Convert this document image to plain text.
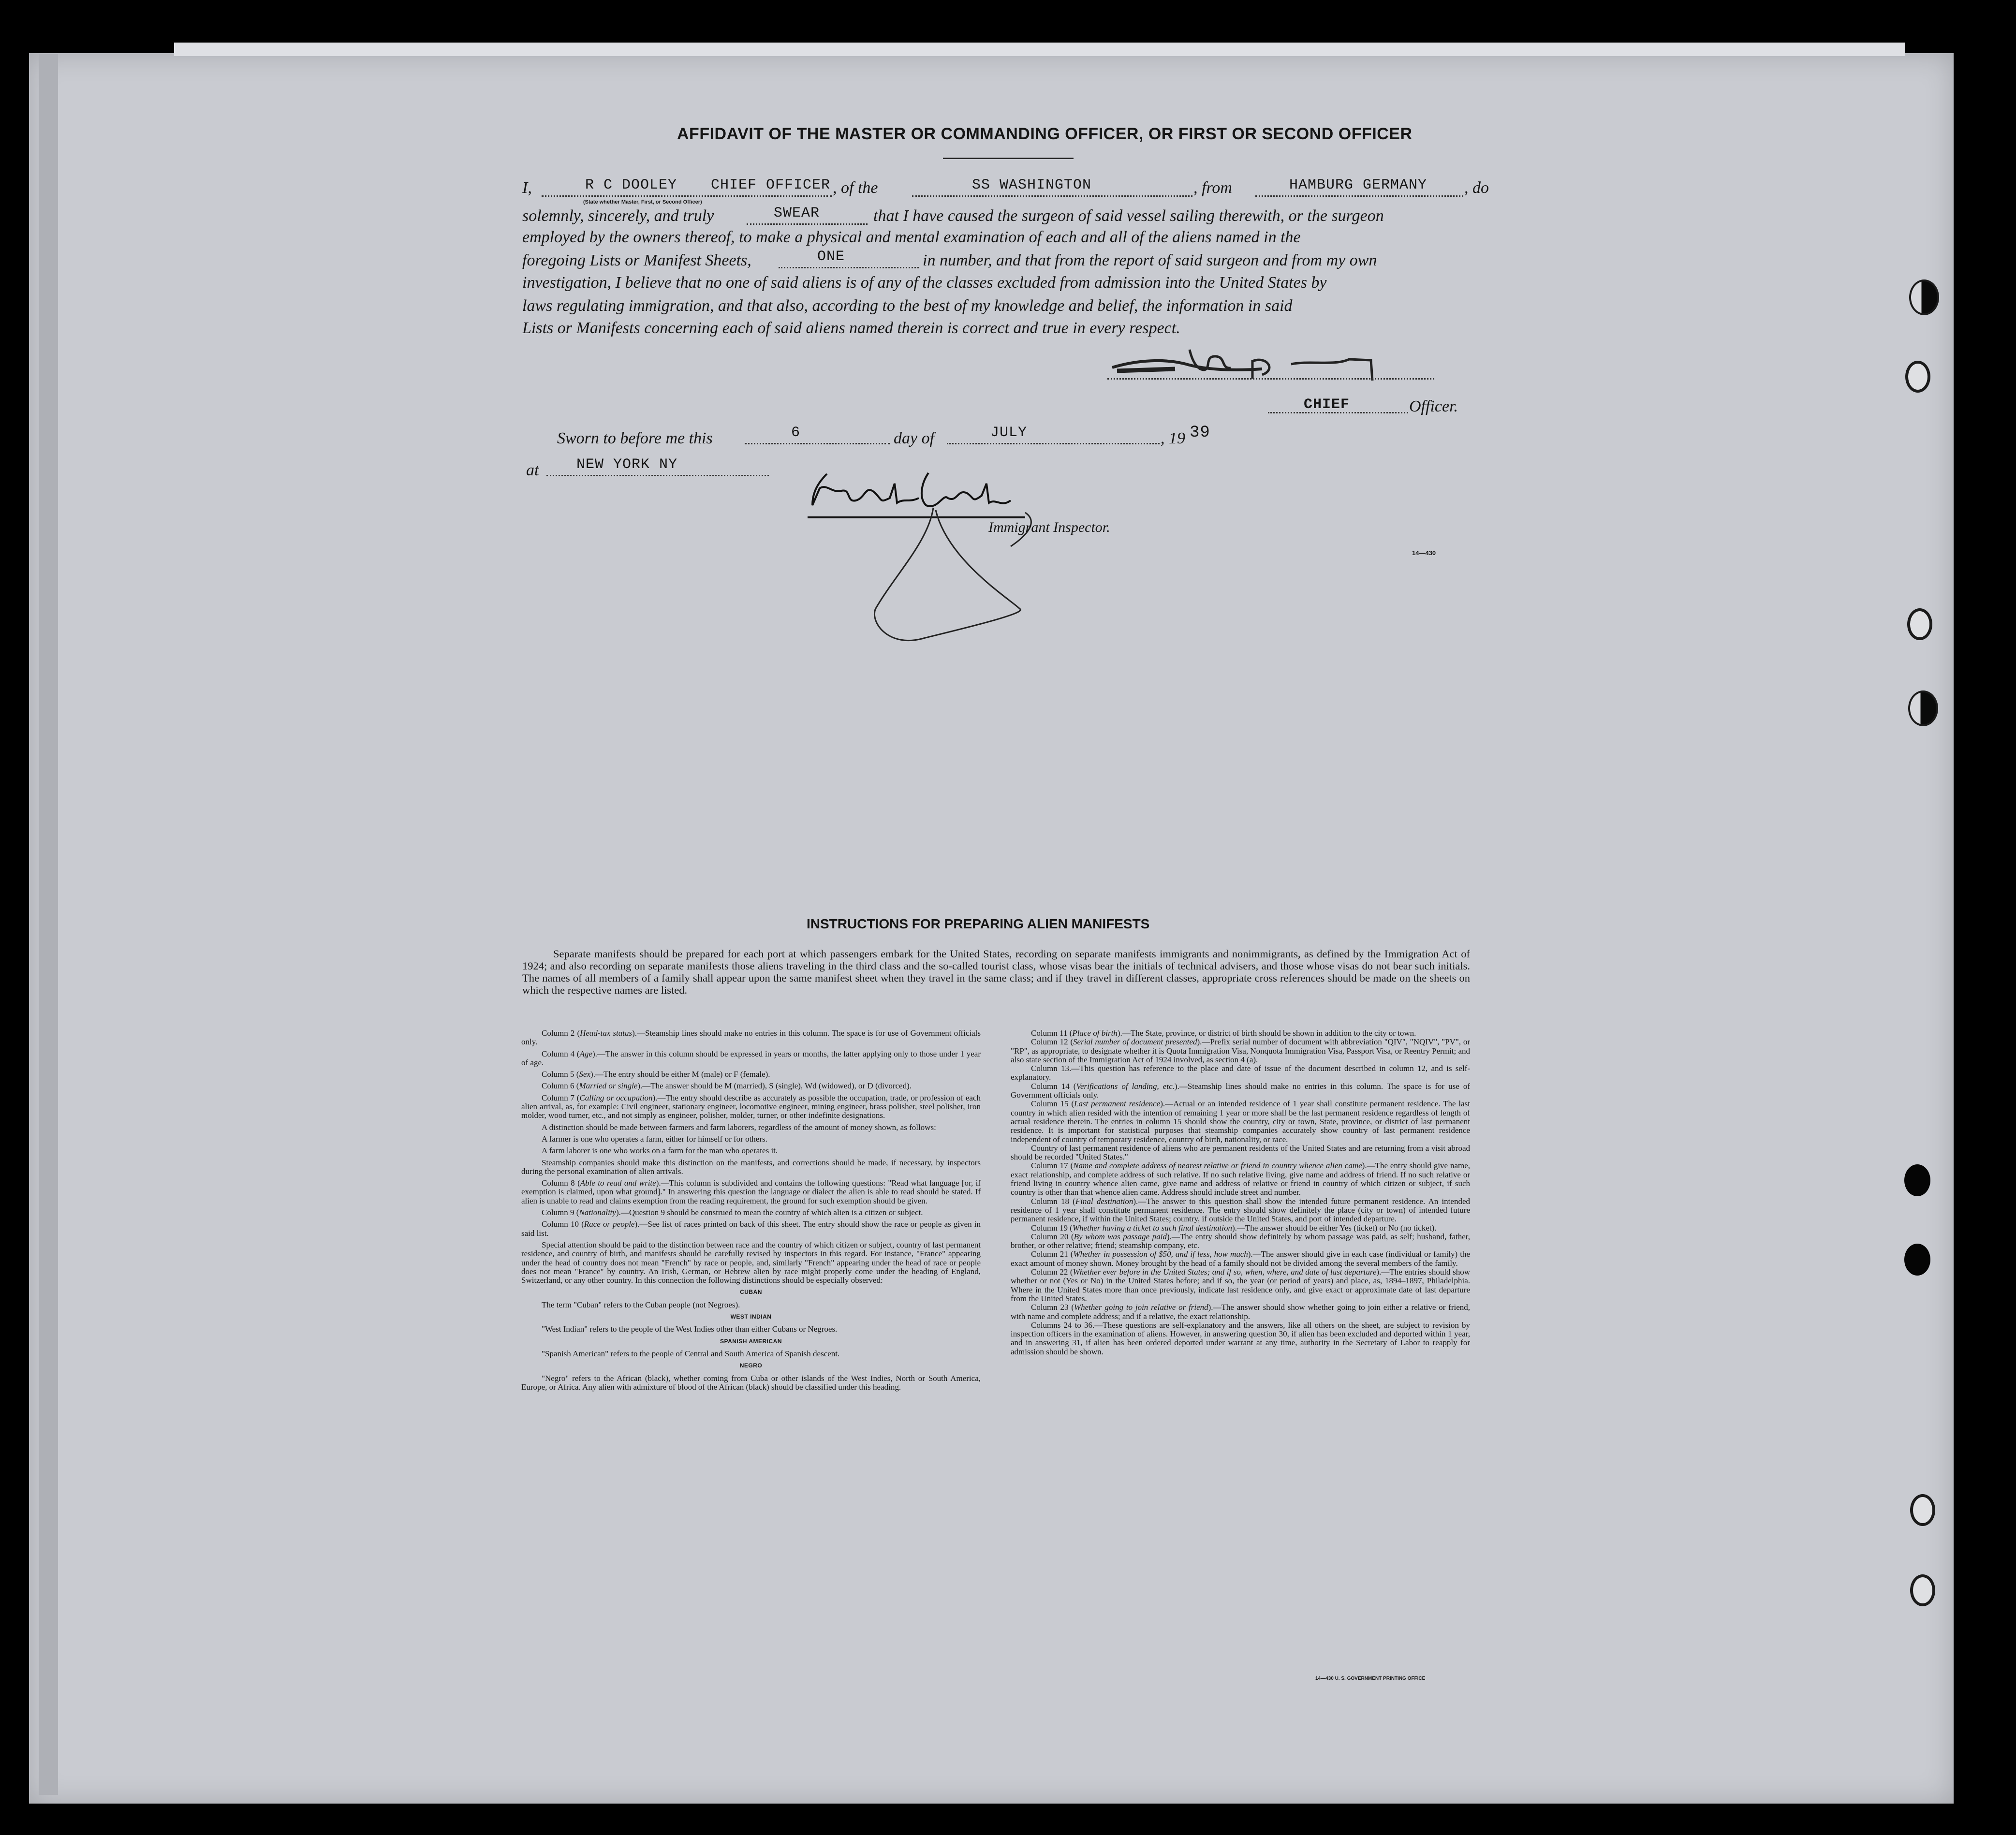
AFFIDAVIT OF THE MASTER OR COMMANDING OFFICER, OR FIRST OR SECOND OFFICER
I,	R C DOOLEY CHIEF OFFICER , of the	SS WASHINGTON	, from	HAMBURG GERMANY , do
(State whether Master, First, or Second Officer)
solemnly, sincerely, and truly	SWEAR	that I have caused the surgeon of said vessel sailing therewith, or the surgeon
employed by the owners thereof, to make a physical and mental examination of each and all of the aliens named in the
foregoing Lists or Manifest Sheets,	ONE	in number, and that from the report of said surgeon and from my own
investigation, I believe that no one of said aliens is of any of the classes excluded from admission into the United States by
laws regulating immigration, and that also, according to the best of my knowledge and belief, the information in said
Lists or Manifests concerning each of said aliens named therein is correct and true in every respect.
CHIEF	Officer.
Sworn to before me this	6	day of	JULY	, 19 39
at	NEW YORK NY
Immigrant Inspector.
14—430
INSTRUCTIONS FOR PREPARING ALIEN MANIFESTS
Separate manifests should be prepared for each port at which passengers embark for the United States, recording on separate manifests immigrants and nonimmigrants, as defined by the Immigration Act of 1924; and also recording on separate manifests those aliens traveling in the third class and the so-called tourist class, whose visas bear the initials of technical advisers, and those whose visas do not bear such initials. The names of all members of a family shall appear upon the same manifest sheet when they travel in the same class; and if they travel in different classes, appropriate cross references should be made on the sheets on which the respective names are listed.

Column 2 (Head-tax status).—Steamship lines should make no entries in this column. The space is for use of Government officials only.

Column 4 (Age).—The answer in this column should be expressed in years or months, the latter applying only to those under 1 year of age.

Column 5 (Sex).—The entry should be either M (male) or F (female).

Column 6 (Married or single).—The answer should be M (married), S (single), Wd (widowed), or D (divorced).

Column 7 (Calling or occupation).—The entry should describe as accurately as possible the occupation, trade, or profession of each alien arrival, as, for example: Civil engineer, stationary engineer, locomotive engineer, mining engineer, brass polisher, steel polisher, iron molder, wood turner, etc., and not simply as engineer, polisher, molder, turner, or other indefinite designations.

A distinction should be made between farmers and farm laborers, regardless of the amount of money shown, as follows:

A farmer is one who operates a farm, either for himself or for others.

A farm laborer is one who works on a farm for the man who operates it.

Steamship companies should make this distinction on the manifests, and corrections should be made, if necessary, by inspectors during the personal examination of alien arrivals.

Column 8 (Able to read and write).—This column is subdivided and contains the following questions: "Read what language [or, if exemption is claimed, upon what ground]." In answering this question the language or dialect the alien is able to read should be stated. If alien is unable to read and claims exemption from the reading requirement, the ground for such exemption should be given.

Column 9 (Nationality).—Question 9 should be construed to mean the country of which alien is a citizen or subject.

Column 10 (Race or people).—See list of races printed on back of this sheet. The entry should show the race or people as given in said list.

Special attention should be paid to the distinction between race and the country of which citizen or subject, country of last permanent residence, and country of birth, and manifests should be carefully revised by inspectors in this regard. For instance, "France" appearing under the head of country does not mean "French" by race or people, and, similarly "French" appearing under the head of race or people does not mean "France" by country. An Irish, German, or Hebrew alien by race might properly come under the heading of England, Switzerland, or any other country. In this connection the following distinctions should be especially observed:

CUBAN

The term "Cuban" refers to the Cuban people (not Negroes).

WEST INDIAN

"West Indian" refers to the people of the West Indies other than either Cubans or Negroes.

SPANISH AMERICAN

"Spanish American" refers to the people of Central and South America of Spanish descent.

NEGRO

"Negro" refers to the African (black), whether coming from Cuba or other islands of the West Indies, North or South America, Europe, or Africa. Any alien with admixture of blood of the African (black) should be classified under this heading.

Column 11 (Place of birth).—The State, province, or district of birth should be shown in addition to the city or town.

Column 12 (Serial number of document presented).—Prefix serial number of document with abbreviation "QIV", "NQIV", "PV", or "RP", as appropriate, to designate whether it is Quota Immigration Visa, Nonquota Immigration Visa, Passport Visa, or Reentry Permit; and also state section of the Immigration Act of 1924 involved, as section 4 (a).

Column 13.—This question has reference to the place and date of issue of the document described in column 12, and is self-explanatory.

Column 14 (Verifications of landing, etc.).—Steamship lines should make no entries in this column. The space is for use of Government officials only.

Column 15 (Last permanent residence).—Actual or an intended residence of 1 year shall constitute permanent residence. The last country in which alien resided with the intention of remaining 1 year or more shall be the last permanent residence regardless of length of actual residence therein. The entries in column 15 should show the country, city or town, State, province, or district of last permanent residence. It is important for statistical purposes that steamship companies accurately show country of last permanent residence independent of country of temporary residence, country of birth, nationality, or race.

Country of last permanent residence of aliens who are permanent residents of the United States and are returning from a visit abroad should be recorded "United States."

Column 17 (Name and complete address of nearest relative or friend in country whence alien came).—The entry should give name, exact relationship, and complete address of such relative. If no such relative living, give name and address of friend. If no such relative or friend living in country whence alien came, give name and address of relative or friend in country of which citizen or subject, if such country is other than that whence alien came. Address should include street and number.

Column 18 (Final destination).—The answer to this question shall show the intended future permanent residence. An intended residence of 1 year shall constitute permanent residence. The entry should show definitely the place (city or town) of intended future permanent residence, if within the United States; country, if outside the United States, and port of intended departure.

Column 19 (Whether having a ticket to such final destination).—The answer should be either Yes (ticket) or No (no ticket).

Column 20 (By whom was passage paid).—The entry should show definitely by whom passage was paid, as self; husband, father, brother, or other relative; friend; steamship company, etc.

Column 21 (Whether in possession of $50, and if less, how much).—The answer should give in each case (individual or family) the exact amount of money shown. Money brought by the head of a family should not be divided among the several members of the family.

Column 22 (Whether ever before in the United States; and if so, when, where, and date of last departure).—The entries should show whether or not (Yes or No) in the United States before; and if so, the year (or period of years) and place, as, 1894–1897, Philadelphia. Where in the United States more than once previously, indicate last residence only, and give exact or approximate date of last departure from the United States.

Column 23 (Whether going to join relative or friend).—The answer should show whether going to join either a relative or friend, with name and complete address; and if a relative, the exact relationship.

Columns 24 to 36.—These questions are self-explanatory and the answers, like all others on the sheet, are subject to revision by inspection officers in the examination of aliens. However, in answering question 30, if alien has been excluded and deported within 1 year, and in answering 31, if alien has been ordered deported under warrant at any time, authority in the Secretary of Labor to reapply for admission should be shown.

14—430 U. S. GOVERNMENT PRINTING OFFICE
